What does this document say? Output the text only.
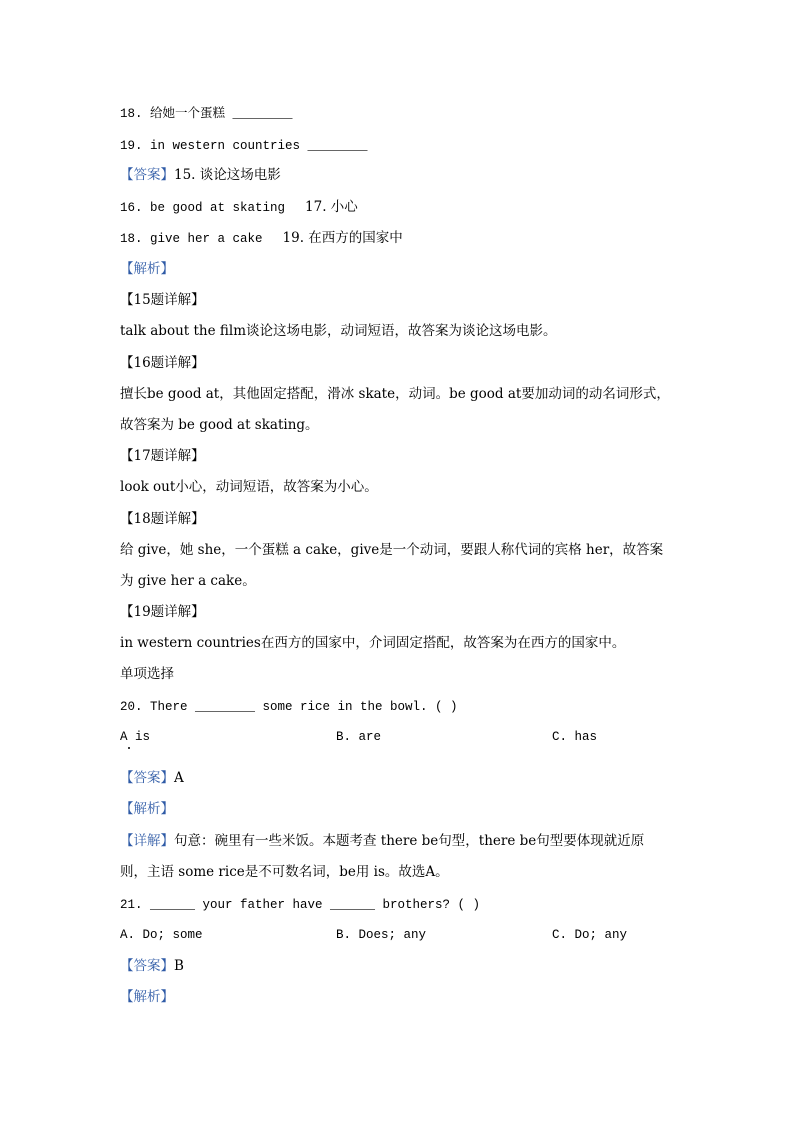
18. 给她一个蛋糕 ________
19. in western countries ________
【答案】15. 谈论这场电影
16. be good at skating 17. 小心
18. give her a cake 19. 在西方的国家中
【解析】
【15题详解】
talk about the film谈论这场电影，动词短语，故答案为谈论这场电影。
【16题详解】
擅长be good at，其他固定搭配，滑冰 skate，动词。be good at要加动词的动名词形式，
故答案为 be good at skating。
【17题详解】
look out小心，动词短语，故答案为小心。
【18题详解】
给 give，她 she，一个蛋糕 a cake，give是一个动词，要跟人称代词的宾格 her，故答案
为 give her a cake。
【19题详解】
in western countries在西方的国家中，介词固定搭配，故答案为在西方的国家中。
单项选择
20. There ________ some rice in the bowl. ( )
A is	B. are	C. has
【答案】A
【解析】
【详解】句意：碗里有一些米饭。本题考查 there be句型，there be句型要体现就近原
则，主语 some rice是不可数名词，be用 is。故选A。
21. ______ your father have ______ brothers? ( )
A. Do; some	B. Does; any	C. Do; any
【答案】B
【解析】
